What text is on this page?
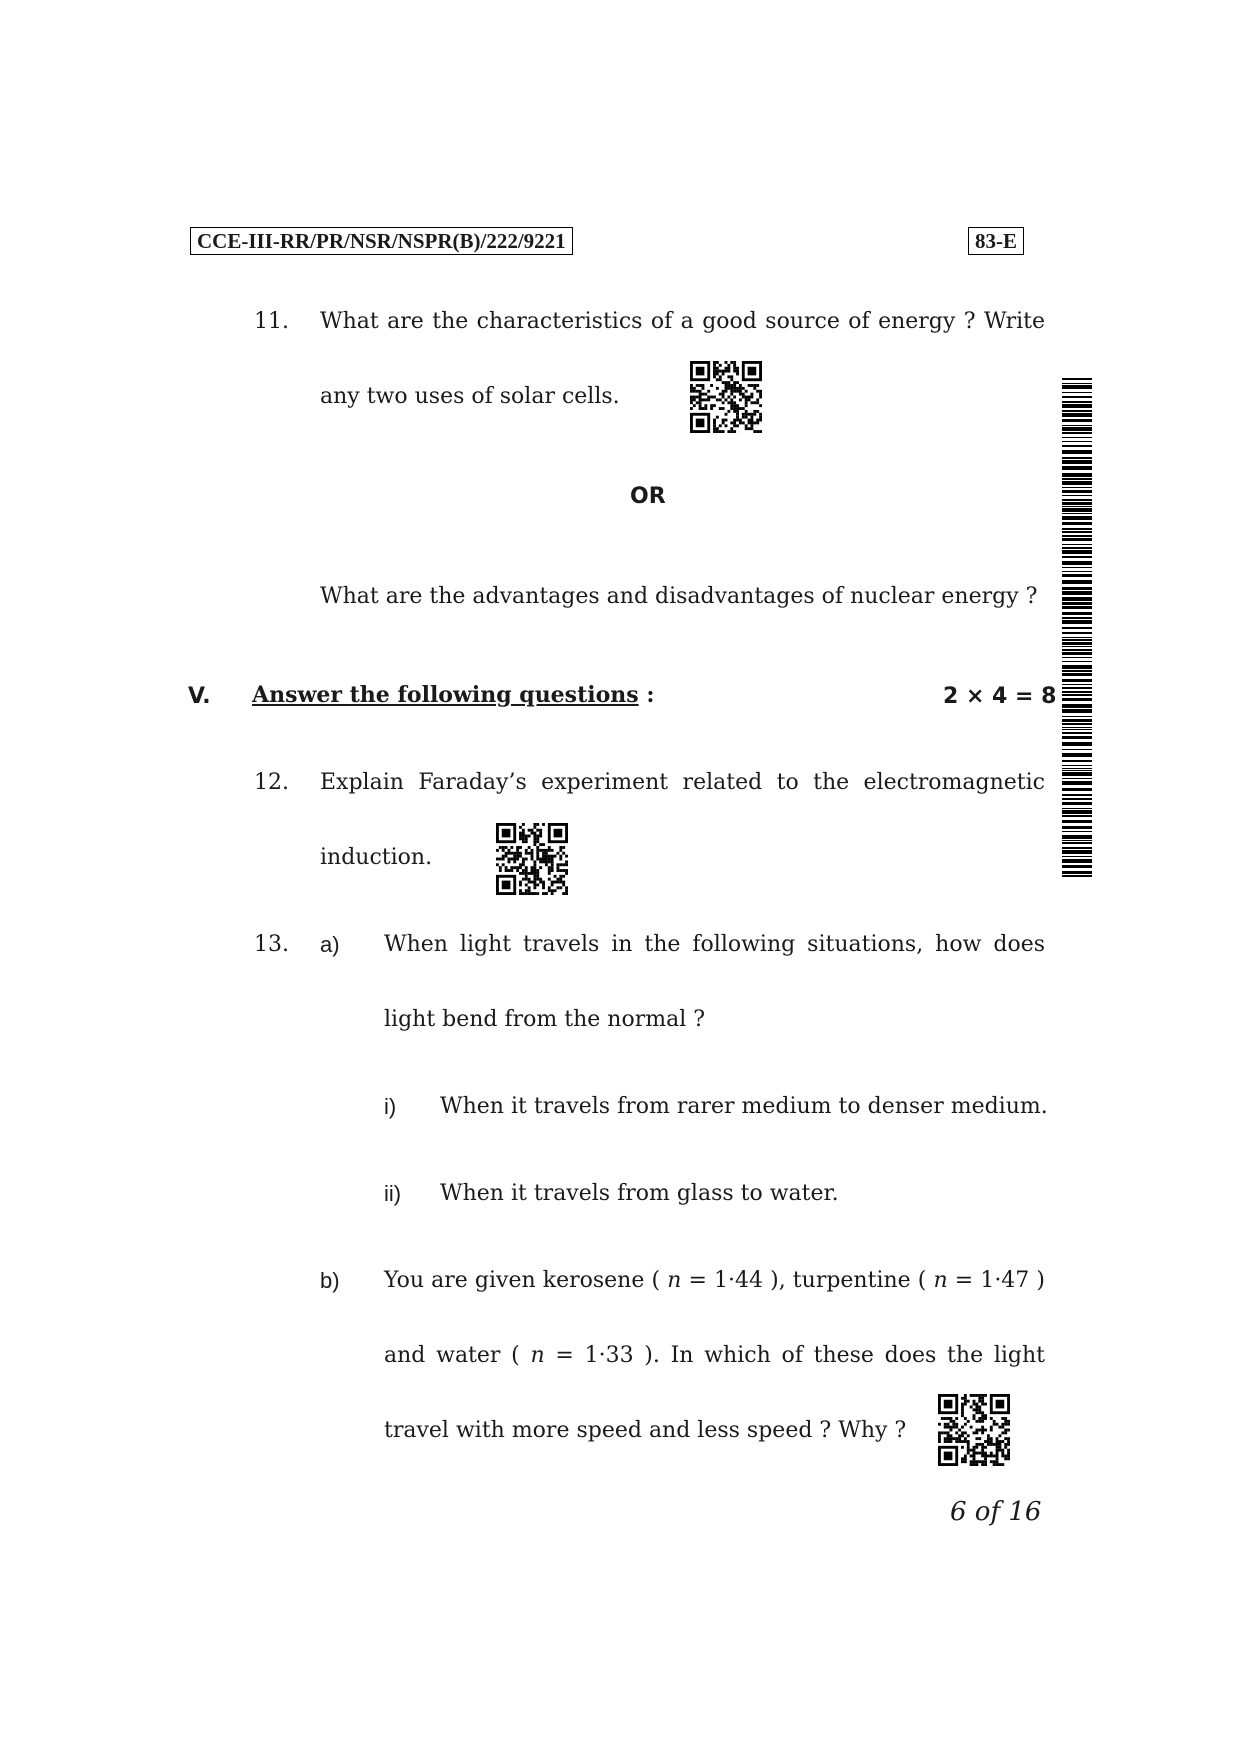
CCE-III-RR/PR/NSR/NSPR(B)/222/9221	83-E
11. What are the characteristics of a good source of energy ? Write
any two uses of solar cells.
OR
What are the advantages and disadvantages of nuclear energy ?
V. Answer the following questions :	2 × 4 = 8
12. Explain Faraday’s experiment related to the electromagnetic
induction.
13. a) When light travels in the following situations, how does
light bend from the normal ?
i) When it travels from rarer medium to denser medium.
ii) When it travels from glass to water.
b) You are given kerosene ( n = 1·44 ), turpentine ( n = 1·47 )
and water ( n = 1·33 ). In which of these does the light
travel with more speed and less speed ? Why ?
6 of 16
